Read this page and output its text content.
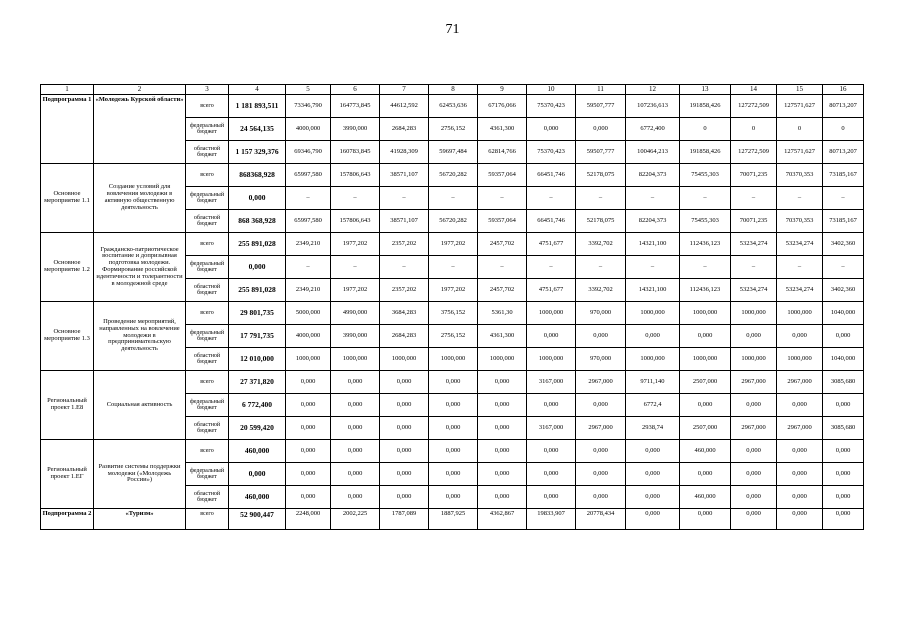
71
1	2	3	4	5	6	7	8	9	10	11	12	13	14	15	16
Подпрограмма 1	«Молодежь Курской области»	всего	1 181 893,511	73346,790	164773,845	44612,592	62453,636	67176,066	75370,423	59507,777	107236,613	191858,426	127272,509	127571,627	80713,207
		федеральный бюджет	24 564,135	4000,000	3990,000	2684,283	2756,152	4361,300	0,000	0,000	6772,400	0	0	0	0
		областной бюджет	1 157 329,376	69346,790	160783,845	41928,309	59697,484	62814,766	75370,423	59507,777	100464,213	191858,426	127272,509	127571,627	80713,207
Основное мероприятие 1.1	Создание условий для вовлечения молодежи в активную общественную деятельность	всего	868368,928	65997,580	157806,643	38571,107	56720,282	59357,064	66451,746	52178,075	82204,373	75455,303	70071,235	70370,353	73185,167
		федеральный бюджет	0,000	–	–	–	–	–	–	–	–	–	–	–	–
		областной бюджет	868 368,928	65997,580	157806,643	38571,107	56720,282	59357,064	66451,746	52178,075	82204,373	75455,303	70071,235	70370,353	73185,167
Основное мероприятие 1.2	Гражданско-патриотическое воспитание и допризывная подготовка молодежи. Формирование российской идентичности и толерантности в молодежной среде	всего	255 891,028	2349,210	1977,202	2357,202	1977,202	2457,702	4751,677	3392,702	14321,100	112436,123	53234,274	53234,274	3402,360
		федеральный бюджет	0,000	–	–	–	–	–	–	–	–	–	–	–	–
		областной бюджет	255 891,028	2349,210	1977,202	2357,202	1977,202	2457,702	4751,677	3392,702	14321,100	112436,123	53234,274	53234,274	3402,360
Основное мероприятие 1.3	Проведение мероприятий, направленных на вовлечение молодежи в предпринимательскую деятельность	всего	29 801,735	5000,000	4990,000	3684,283	3756,152	5361,30	1000,000	970,000	1000,000	1000,000	1000,000	1000,000	1040,000
		федеральный бюджет	17 791,735	4000,000	3990,000	2684,283	2756,152	4361,300	0,000	0,000	0,000	0,000	0,000	0,000	0,000
		областной бюджет	12 010,000	1000,000	1000,000	1000,000	1000,000	1000,000	1000,000	970,000	1000,000	1000,000	1000,000	1000,000	1040,000
Региональный проект 1.Е8	Социальная активность	всего	27 371,820	0,000	0,000	0,000	0,000	0,000	3167,000	2967,000	9711,140	2507,000	2967,000	2967,000	3085,680
		федеральный бюджет	6 772,400	0,000	0,000	0,000	0,000	0,000	0,000	0,000	6772,4	0,000	0,000	0,000	0,000
		областной бюджет	20 599,420	0,000	0,000	0,000	0,000	0,000	3167,000	2967,000	2938,74	2507,000	2967,000	2967,000	3085,680
Региональный проект 1.ЕГ	Развитие системы поддержки молодежи («Молодежь России»)	всего	460,000	0,000	0,000	0,000	0,000	0,000	0,000	0,000	0,000	460,000	0,000	0,000	0,000
		федеральный бюджет	0,000	0,000	0,000	0,000	0,000	0,000	0,000	0,000	0,000	0,000	0,000	0,000	0,000
		областной бюджет	460,000	0,000	0,000	0,000	0,000	0,000	0,000	0,000	0,000	460,000	0,000	0,000	0,000
Подпрограмма 2	«Туризм»	всего	52 900,447	2248,000	2002,225	1787,089	1887,925	4362,867	19833,907	20778,434	0,000	0,000	0,000	0,000	0,000
